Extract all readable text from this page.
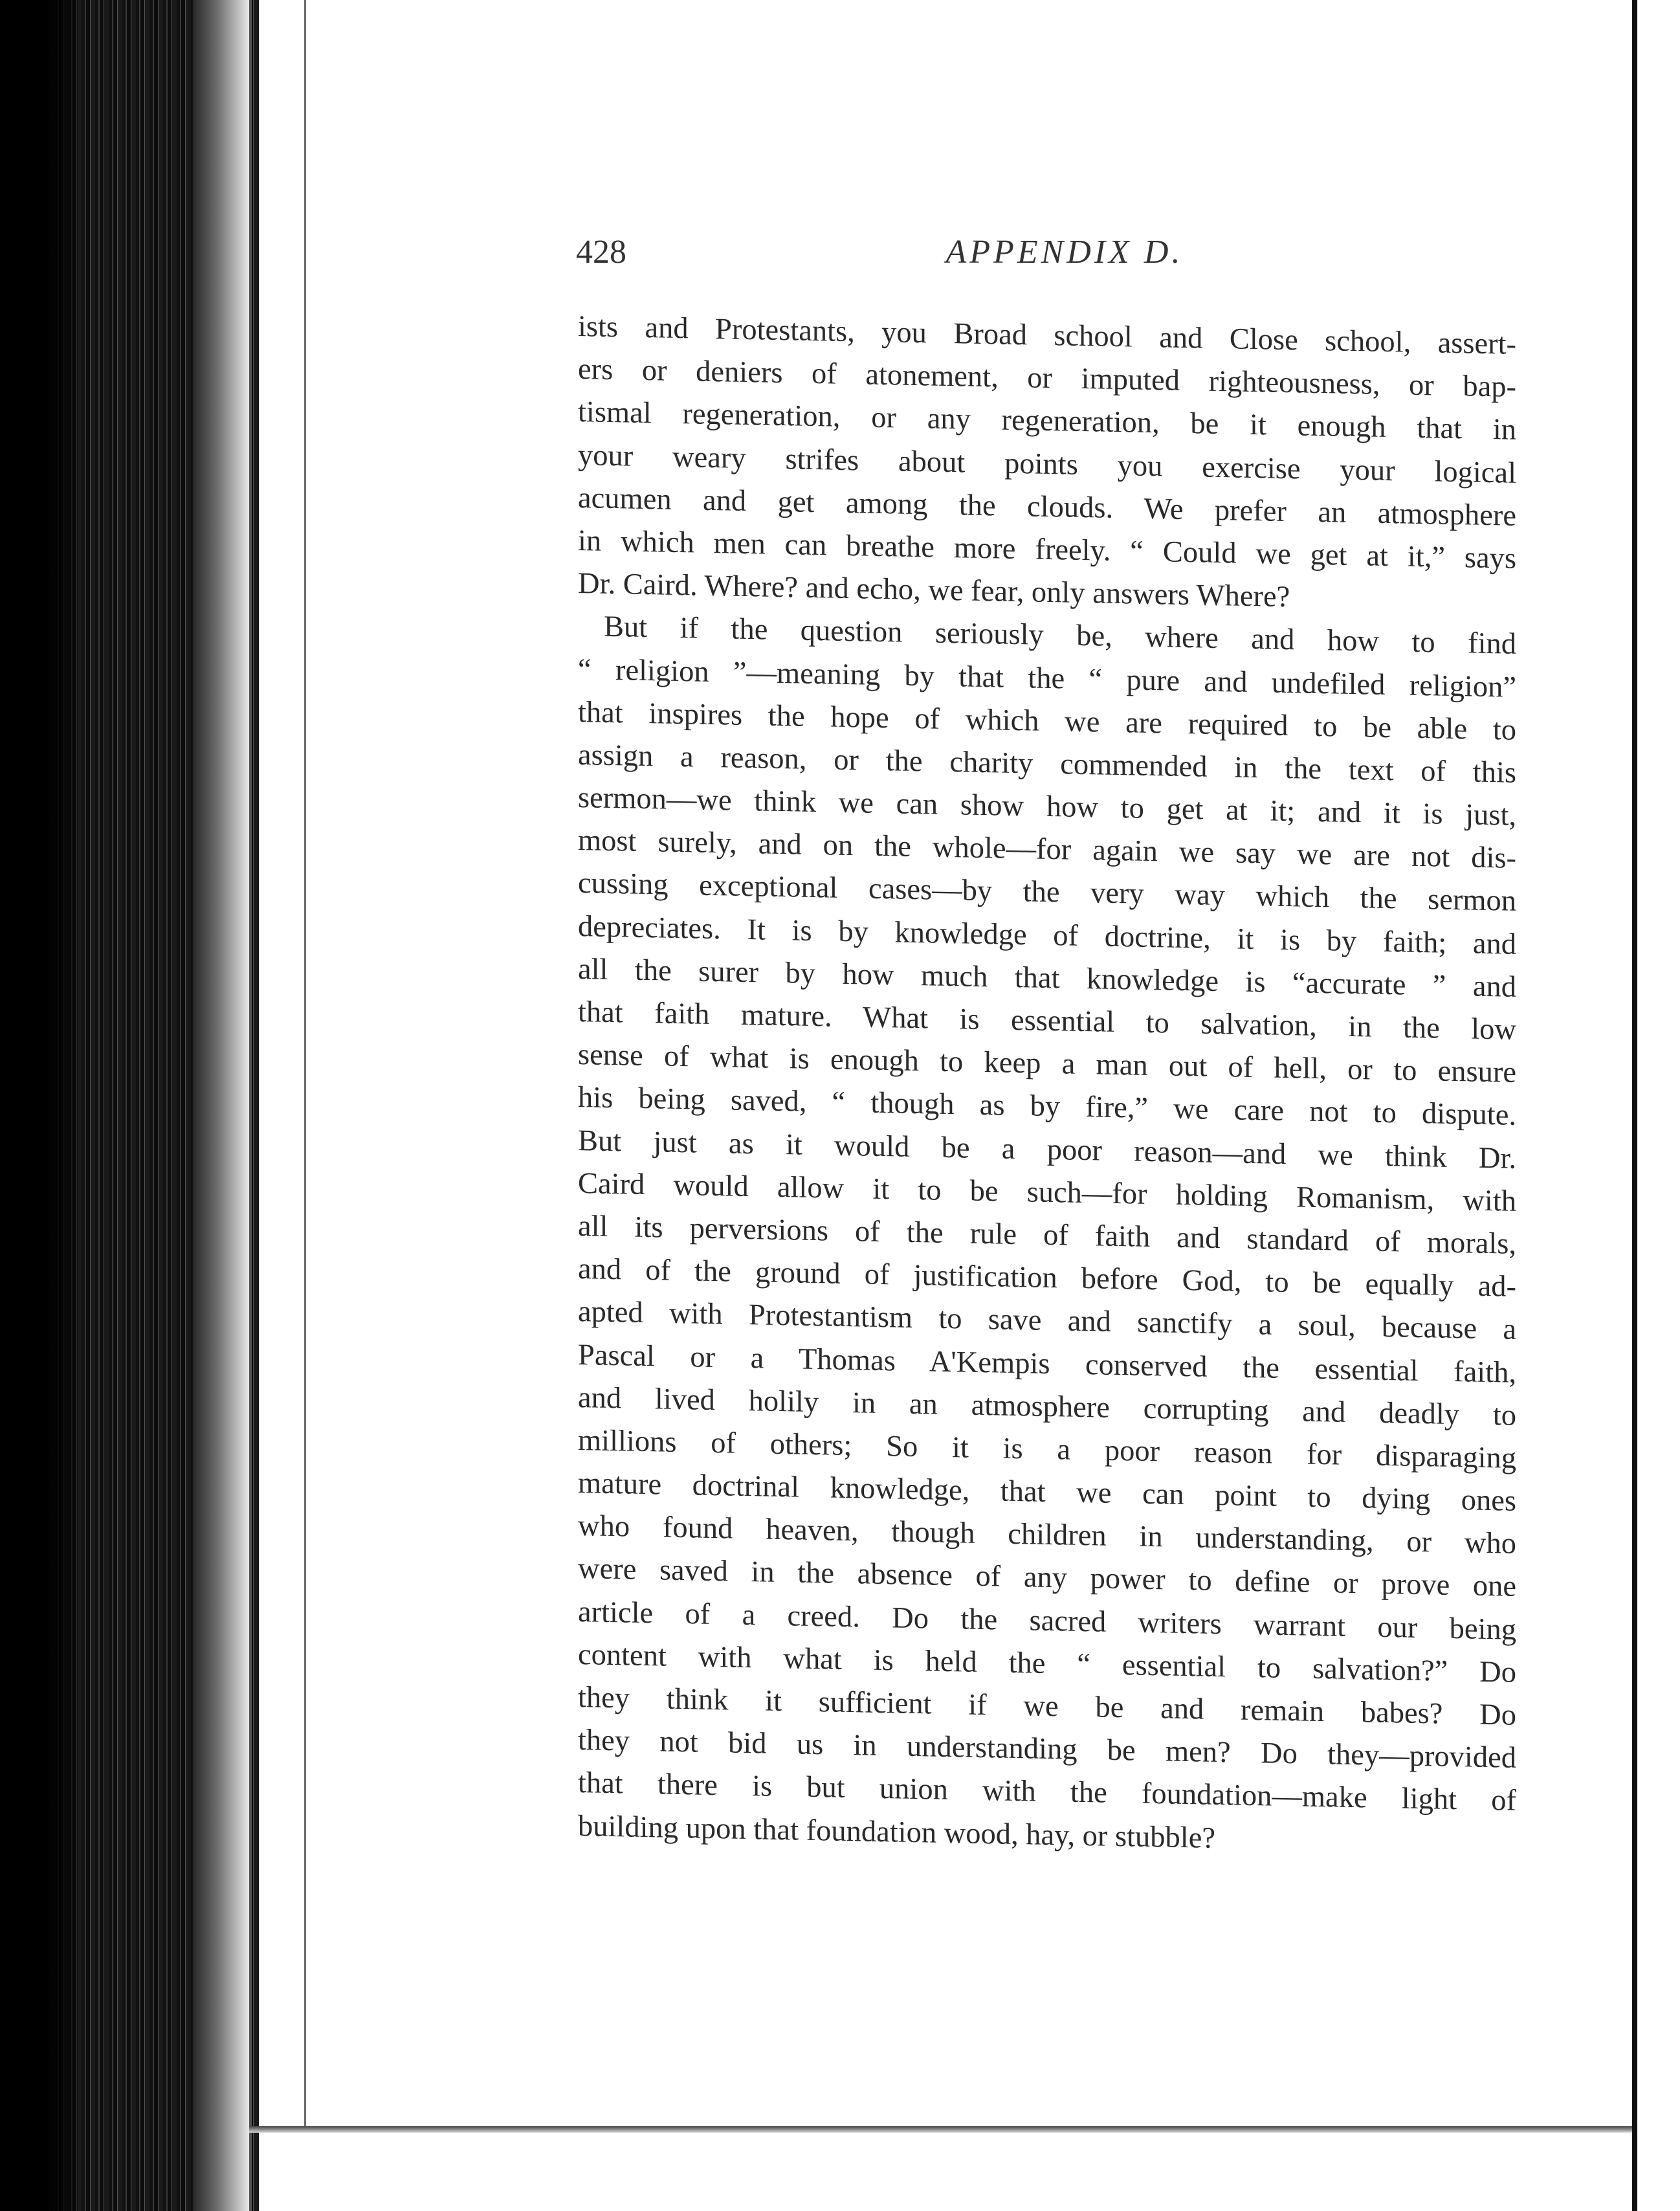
428	APPENDIX D.
ists and Protestants, you Broad school and Close school, assert-
ers or deniers of atonement, or imputed righteousness, or bap-
tismal regeneration, or any regeneration, be it enough that in
your weary strifes about points you exercise your logical
acumen and get among the clouds. We prefer an atmosphere
in which men can breathe more freely. “ Could we get at it,” says
Dr. Caird. Where? and echo, we fear, only answers Where?
But if the question seriously be, where and how to find
“ religion ”—meaning by that the “ pure and undefiled religion”
that inspires the hope of which we are required to be able to
assign a reason, or the charity commended in the text of this
sermon—we think we can show how to get at it; and it is just,
most surely, and on the whole—for again we say we are not dis-
cussing exceptional cases—by the very way which the sermon
depreciates. It is by knowledge of doctrine, it is by faith; and
all the surer by how much that knowledge is “accurate ” and
that faith mature. What is essential to salvation, in the low
sense of what is enough to keep a man out of hell, or to ensure
his being saved, “ though as by fire,” we care not to dispute.
But just as it would be a poor reason—and we think Dr.
Caird would allow it to be such—for holding Romanism, with
all its perversions of the rule of faith and standard of morals,
and of the ground of justification before God, to be equally ad-
apted with Protestantism to save and sanctify a soul, because a
Pascal or a Thomas A'Kempis conserved the essential faith,
and lived holily in an atmosphere corrupting and deadly to
millions of others; So it is a poor reason for disparaging
mature doctrinal knowledge, that we can point to dying ones
who found heaven, though children in understanding, or who
were saved in the absence of any power to define or prove one
article of a creed. Do the sacred writers warrant our being
content with what is held the “ essential to salvation?” Do
they think it sufficient if we be and remain babes? Do
they not bid us in understanding be men? Do they—provided
that there is but union with the foundation—make light of
building upon that foundation wood, hay, or stubble?
